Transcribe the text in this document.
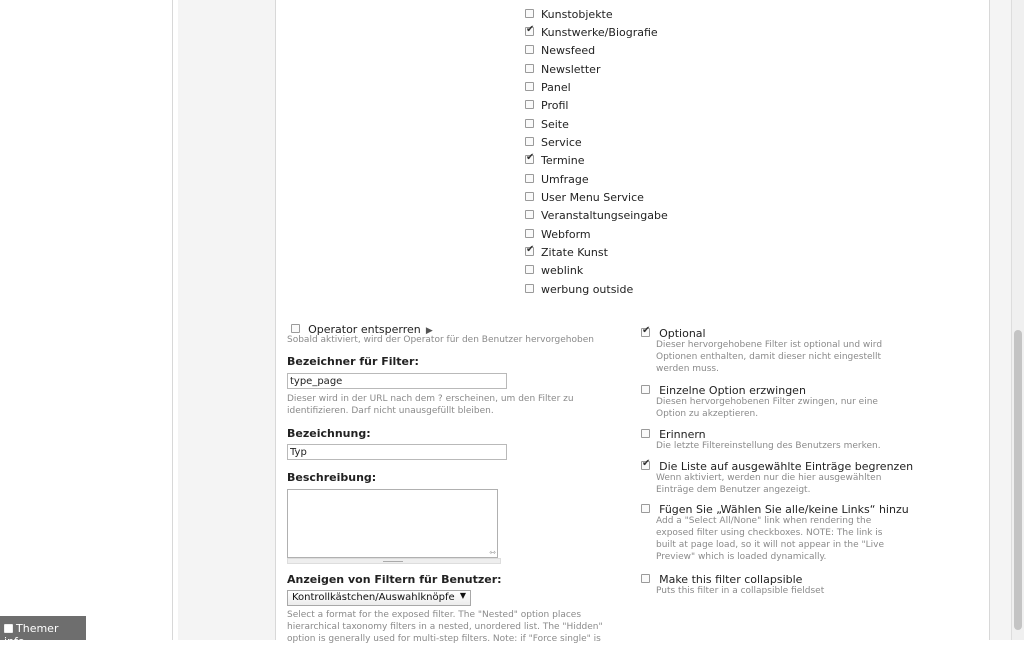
Kunstobjekte
✔
Kunstwerke/Biografie
Newsfeed
Newsletter
Panel
Profil
Seite
Service
✔
Termine
Umfrage
User Menu Service
Veranstaltungseingabe
Webform
✔
Zitate Kunst
weblink
werbung outside
Operator entsperren ▶
Sobald aktiviert, wird der Operator für den Benutzer hervorgehoben
Bezeichner für Filter:
type_page
Dieser wird in der URL nach dem ? erscheinen, um den Filter zu
identifizieren. Darf nicht unausgefüllt bleiben.
Bezeichnung:
Typ
Beschreibung:
⇿
Anzeigen von Filtern für Benutzer:
Kontrollkästchen/Auswahlknöpfe ▼
Select a format for the exposed filter. The "Nested" option places
hierarchical taxonomy filters in a nested, unordered list. The "Hidden"
option is generally used for multi-step filters. Note: if "Force single" is
✔ Optional
Dieser hervorgehobene Filter ist optional und wird
Optionen enthalten, damit dieser nicht eingestellt
werden muss.
Einzelne Option erzwingen
Diesen hervorgehobenen Filter zwingen, nur eine
Option zu akzeptieren.
Erinnern
Die letzte Filtereinstellung des Benutzers merken.
✔ Die Liste auf ausgewählte Einträge begrenzen
Wenn aktiviert, werden nur die hier ausgewählten
Einträge dem Benutzer angezeigt.
Fügen Sie „Wählen Sie alle/keine Links“ hinzu
Add a "Select All/None" link when rendering the
exposed filter using checkboxes. NOTE: The link is
built at page load, so it will not appear in the "Live
Preview" which is loaded dynamically.
Make this filter collapsible
Puts this filter in a collapsible fieldset
Themer info
